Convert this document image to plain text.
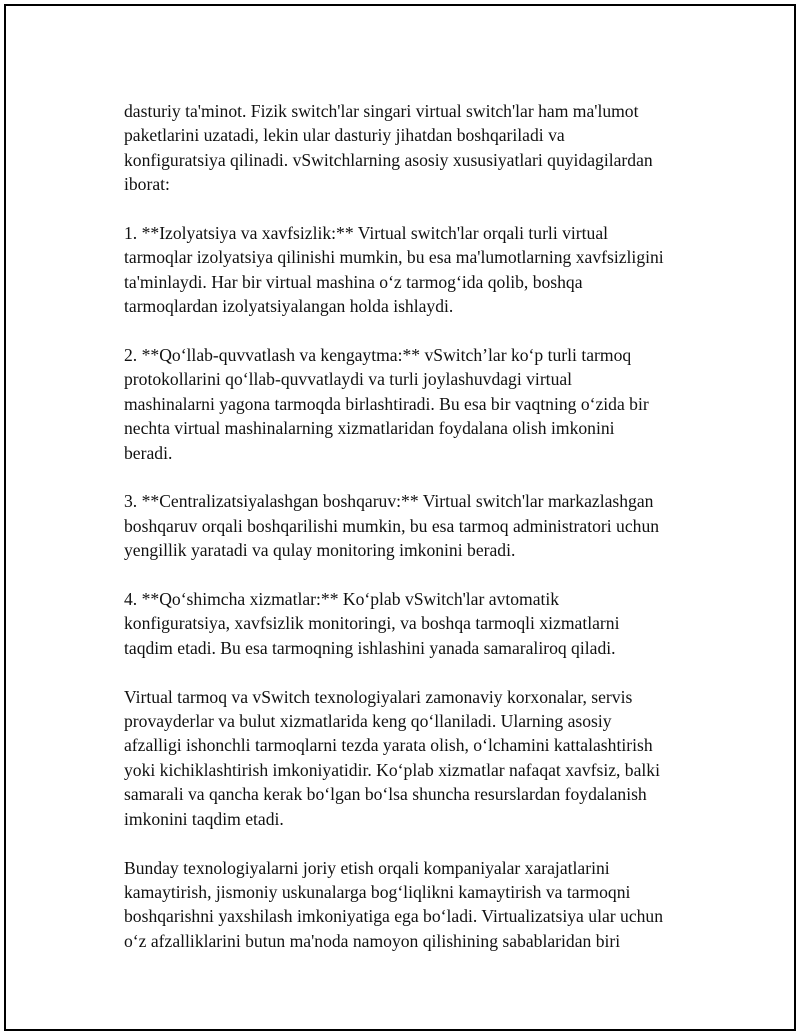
dasturiy ta'minot. Fizik switch'lar singari virtual switch'lar ham ma'lumot
paketlarini uzatadi, lekin ular dasturiy jihatdan boshqariladi va
konfiguratsiya qilinadi. vSwitchlarning asosiy xususiyatlari quyidagilardan
iborat:

1. **Izolyatsiya va xavfsizlik:** Virtual switch'lar orqali turli virtual
tarmoqlar izolyatsiya qilinishi mumkin, bu esa ma'lumotlarning xavfsizligini
ta'minlaydi. Har bir virtual mashina o‘z tarmog‘ida qolib, boshqa
tarmoqlardan izolyatsiyalangan holda ishlaydi.

2. **Qo‘llab-quvvatlash va kengaytma:** vSwitch’lar ko‘p turli tarmoq
protokollarini qo‘llab-quvvatlaydi va turli joylashuvdagi virtual
mashinalarni yagona tarmoqda birlashtiradi. Bu esa bir vaqtning o‘zida bir
nechta virtual mashinalarning xizmatlaridan foydalana olish imkonini
beradi.

3. **Centralizatsiyalashgan boshqaruv:** Virtual switch'lar markazlashgan
boshqaruv orqali boshqarilishi mumkin, bu esa tarmoq administratori uchun
yengillik yaratadi va qulay monitoring imkonini beradi.

4. **Qo‘shimcha xizmatlar:** Ko‘plab vSwitch'lar avtomatik
konfiguratsiya, xavfsizlik monitoringi, va boshqa tarmoqli xizmatlarni
taqdim etadi. Bu esa tarmoqning ishlashini yanada samaraliroq qiladi.

Virtual tarmoq va vSwitch texnologiyalari zamonaviy korxonalar, servis
provayderlar va bulut xizmatlarida keng qo‘llaniladi. Ularning asosiy
afzalligi ishonchli tarmoqlarni tezda yarata olish, o‘lchamini kattalashtirish
yoki kichiklashtirish imkoniyatidir. Ko‘plab xizmatlar nafaqat xavfsiz, balki
samarali va qancha kerak bo‘lgan bo‘lsa shuncha resurslardan foydalanish
imkonini taqdim etadi.

Bunday texnologiyalarni joriy etish orqali kompaniyalar xarajatlarini
kamaytirish, jismoniy uskunalarga bog‘liqlikni kamaytirish va tarmoqni
boshqarishni yaxshilash imkoniyatiga ega bo‘ladi. Virtualizatsiya ular uchun
o‘z afzalliklarini butun ma'noda namoyon qilishining sabablaridan biri
